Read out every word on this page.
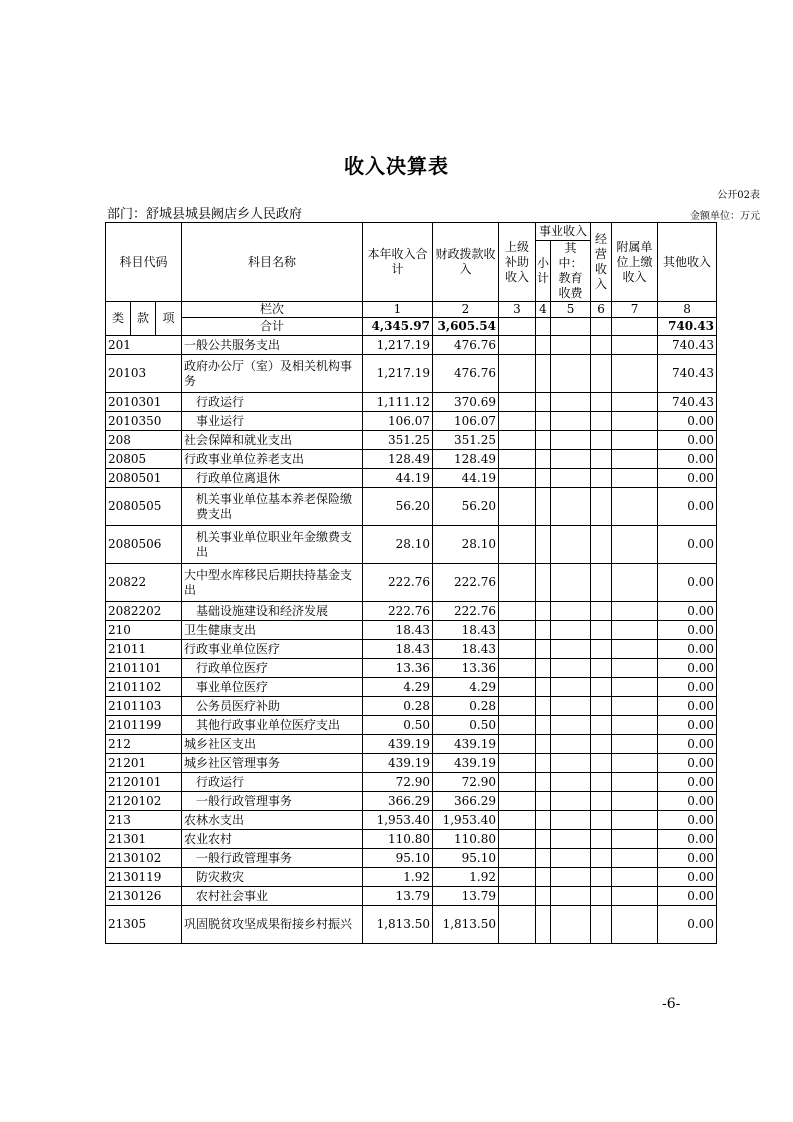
收入决算表
公开02表
部门：舒城县城县阙店乡人民政府	金额单位：万元
科目代码			科目名称	本年收入合计	财政拨款收入	上级补助收入	事业收入		经营收入	附属单位上缴收入	其他收入
							小计	其中：教育收费			

类	款	项	栏次	1	2	3	4	5	6	7	8
			合计	4,345.97	3,605.54						740.43
201			一般公共服务支出	1,217.19	476.76						740.43
20103			政府办公厅（室）及相关机构事务	1,217.19	476.76						740.43
2010301			行政运行	1,111.12	370.69						740.43
2010350			事业运行	106.07	106.07						0.00
208			社会保障和就业支出	351.25	351.25						0.00
20805			行政事业单位养老支出	128.49	128.49						0.00
2080501			行政单位离退休	44.19	44.19						0.00
2080505			机关事业单位基本养老保险缴费支出	56.20	56.20						0.00
2080506			机关事业单位职业年金缴费支出	28.10	28.10						0.00
20822			大中型水库移民后期扶持基金支出	222.76	222.76						0.00
2082202			基础设施建设和经济发展	222.76	222.76						0.00
210			卫生健康支出	18.43	18.43						0.00
21011			行政事业单位医疗	18.43	18.43						0.00
2101101			行政单位医疗	13.36	13.36						0.00
2101102			事业单位医疗	4.29	4.29						0.00
2101103			公务员医疗补助	0.28	0.28						0.00
2101199			其他行政事业单位医疗支出	0.50	0.50						0.00
212			城乡社区支出	439.19	439.19						0.00
21201			城乡社区管理事务	439.19	439.19						0.00
2120101			行政运行	72.90	72.90						0.00
2120102			一般行政管理事务	366.29	366.29						0.00
213			农林水支出	1,953.40	1,953.40						0.00
21301			农业农村	110.80	110.80						0.00
2130102			一般行政管理事务	95.10	95.10						0.00
2130119			防灾救灾	1.92	1.92						0.00
2130126			农村社会事业	13.79	13.79						0.00
21305			巩固脱贫攻坚成果衔接乡村振兴	1,813.50	1,813.50						0.00
-6-
